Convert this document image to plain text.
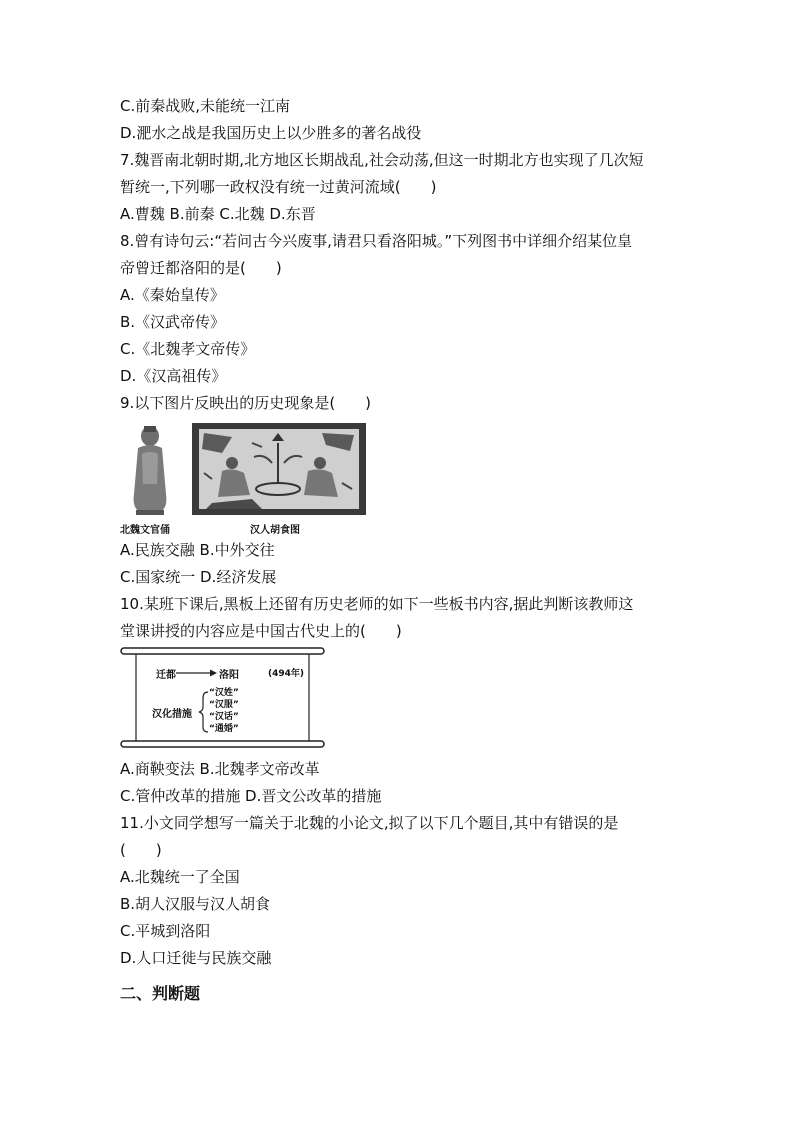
C.前秦战败,未能统一江南
D.淝水之战是我国历史上以少胜多的著名战役
7.魏晋南北朝时期,北方地区长期战乱,社会动荡,但这一时期北方也实现了几次短
暂统一,下列哪一政权没有统一过黄河流域(　　)
A.曹魏 B.前秦 C.北魏 D.东晋
8.曾有诗句云:“若问古今兴废事,请君只看洛阳城。”下列图书中详细介绍某位皇
帝曾迁都洛阳的是(　　)
A.《秦始皇传》
B.《汉武帝传》
C.《北魏孝文帝传》
D.《汉高祖传》
9.以下图片反映出的历史现象是(　　)
北魏文官俑	汉人胡食图
A.民族交融 B.中外交往
C.国家统一 D.经济发展
10.某班下课后,黑板上还留有历史老师的如下一些板书内容,据此判断该教师这
堂课讲授的内容应是中国古代史上的(　　)
迁都	洛阳	(494年)
汉化措施
“汉姓”
“汉服”
“汉话”
“通婚”
A.商鞅变法 B.北魏孝文帝改革
C.管仲改革的措施 D.晋文公改革的措施
11.小文同学想写一篇关于北魏的小论文,拟了以下几个题目,其中有错误的是
(　　)
A.北魏统一了全国
B.胡人汉服与汉人胡食
C.平城到洛阳
D.人口迁徙与民族交融
二、判断题
